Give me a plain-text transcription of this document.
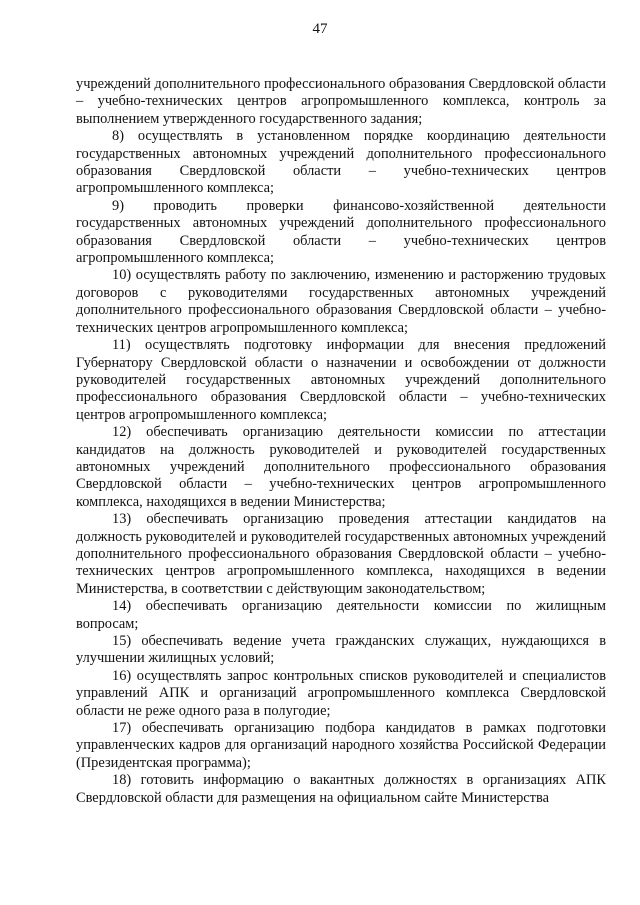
47

учреждений дополнительного профессионального образования Свердловской области – учебно-технических центров агропромышленного комплекса, контроль за выполнением утвержденного государственного задания;

8) осуществлять в установленном порядке координацию деятельности государственных автономных учреждений дополнительного профессионального образования Свердловской области – учебно-технических центров агропромышленного комплекса;

9) проводить проверки финансово-хозяйственной деятельности государственных автономных учреждений дополнительного профессионального образования Свердловской области – учебно-технических центров агропромышленного комплекса;

10) осуществлять работу по заключению, изменению и расторжению трудовых договоров с руководителями государственных автономных учреждений дополнительного профессионального образования Свердловской области – учебно-технических центров агропромышленного комплекса;

11) осуществлять подготовку информации для внесения предложений Губернатору Свердловской области о назначении и освобождении от должности руководителей государственных автономных учреждений дополнительного профессионального образования Свердловской области – учебно-технических центров агропромышленного комплекса;

12) обеспечивать организацию деятельности комиссии по аттестации кандидатов на должность руководителей и руководителей государственных автономных учреждений дополнительного профессионального образования Свердловской области – учебно-технических центров агропромышленного комплекса, находящихся в ведении Министерства;

13) обеспечивать организацию проведения аттестации кандидатов на должность руководителей и руководителей государственных автономных учреждений дополнительного профессионального образования Свердловской области – учебно-технических центров агропромышленного комплекса, находящихся в ведении Министерства, в соответствии с действующим законодательством;

14) обеспечивать организацию деятельности комиссии по жилищным вопросам;

15) обеспечивать ведение учета гражданских служащих, нуждающихся в улучшении жилищных условий;

16) осуществлять запрос контрольных списков руководителей и специалистов управлений АПК и организаций агропромышленного комплекса Свердловской области не реже одного раза в полугодие;

17) обеспечивать организацию подбора кандидатов в рамках подготовки управленческих кадров для организаций народного хозяйства Российской Федерации (Президентская программа);

18) готовить информацию о вакантных должностях в организациях АПК Свердловской области для размещения на официальном сайте Министерства
